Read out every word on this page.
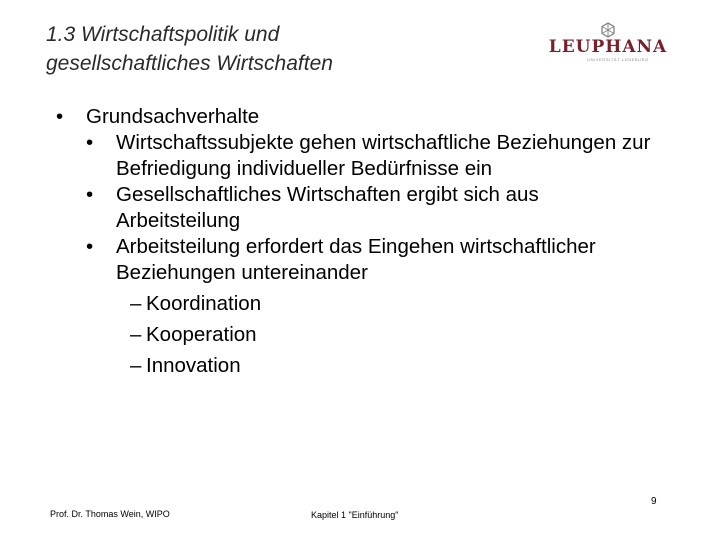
1.3 Wirtschaftspolitik und
gesellschaftliches Wirtschaften
LEUPHANA
UNIVERSITÄT LÜNEBURG
• Grundsachverhalte
• Wirtschaftssubjekte gehen wirtschaftliche Beziehungen zur Befriedigung individueller Bedürfnisse ein
• Gesellschaftliches Wirtschaften ergibt sich aus Arbeitsteilung
• Arbeitsteilung erfordert das Eingehen wirtschaftlicher Beziehungen untereinander
– Koordination
– Kooperation
– Innovation
Prof. Dr. Thomas Wein, WIPO	Kapitel 1 "Einführung"
9
